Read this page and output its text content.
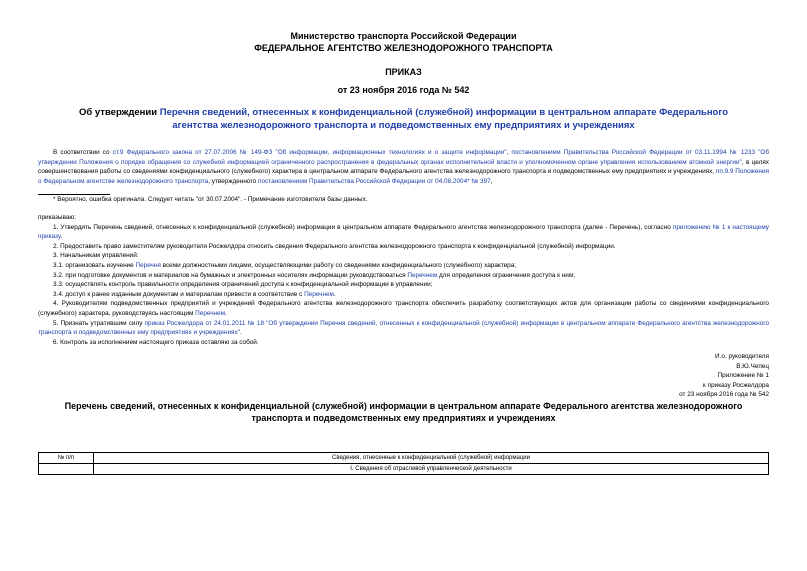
Министерство транспорта Российской Федерации
ФЕДЕРАЛЬНОЕ АГЕНТСТВО ЖЕЛЕЗНОДОРОЖНОГО ТРАНСПОРТА
ПРИКАЗ
от 23 ноября 2016 года № 542
Об утверждении Перечня сведений, отнесенных к конфиденциальной (служебной) информации в центральном аппарате Федерального агентства железнодорожного транспорта и подведомственных ему предприятиях и учреждениях
В соответствии со ст.9 Федерального закона от 27.07.2006 № 149-ФЗ "Об информации, информационных технологиях и о защите информации", постановлением Правительства Российской Федерации от 03.11.1994 № 1233 "Об утверждении Положения о порядке обращения со служебной информацией ограниченного распространения в федеральных органах исполнительной власти и уполномоченном органе управления использованием атомной энергии", в целях совершенствования работы со сведениями конфиденциального (служебного) характера в центральном аппарате Федерального агентства железнодорожного транспорта и подведомственных ему предприятиях и учреждениях, пп.9.9 Положения о Федеральном агентстве железнодорожного транспорта, утвержденного постановлением Правительства Российской Федерации от 04.08.2004* № 397,
* Вероятно, ошибка оригинала. Следует читать "от 30.07.2004". - Примечание изготовителя базы данных.
приказываю:
1. Утвердить Перечень сведений, отнесенных к конфиденциальной (служебной) информации в центральном аппарате Федерального агентства железнодорожного транспорта (далее - Перечень), согласно приложению № 1 к настоящему приказу.
2. Предоставить право заместителям руководителя Росжелдора относить сведения Федерального агентства железнодорожного транспорта к конфиденциальной (служебной) информации.
3. Начальникам управлений:
3.1. организовать изучение Перечня всеми должностными лицами, осуществляющими работу со сведениями конфиденциального (служебного) характера;
3.2. при подготовке документов и материалов на бумажных и электронных носителях информации руководствоваться Перечнем для определения ограничения доступа к ним;
3.3. осуществлять контроль правильности определения ограничений доступа к конфиденциальной информации в управлении;
3.4. доступ к ранее изданным документам и материалам привести в соответствие с Перечнем.
4. Руководителям подведомственных предприятий и учреждений Федерального агентства железнодорожного транспорта обеспечить разработку соответствующих актов для организации работы со сведениями конфиденциального (служебного) характера, руководствуясь настоящим Перечнем.
5. Признать утратившим силу приказ Росжелдора от 24.01.2011 № 18 "Об утверждении Перечня сведений, отнесенных к конфиденциальной (служебной) информации в центральном аппарате Федерального агентства железнодорожного транспорта и подведомственных ему предприятиях и учреждениях".
6. Контроль за исполнением настоящего приказа оставляю за собой.
И.о. руководителя
В.Ю.Чепец
Приложение № 1
к приказу Росжелдора
от 23 ноября 2016 года № 542
Перечень сведений, отнесенных к конфиденциальной (служебной) информации в центральном аппарате Федерального агентства железнодорожного транспорта и подведомственных ему предприятиях и учреждениях
№ п/п	Сведения, отнесенные к конфиденциальной (служебной) информации
	I. Сведения об отраслевой управленческой деятельности
